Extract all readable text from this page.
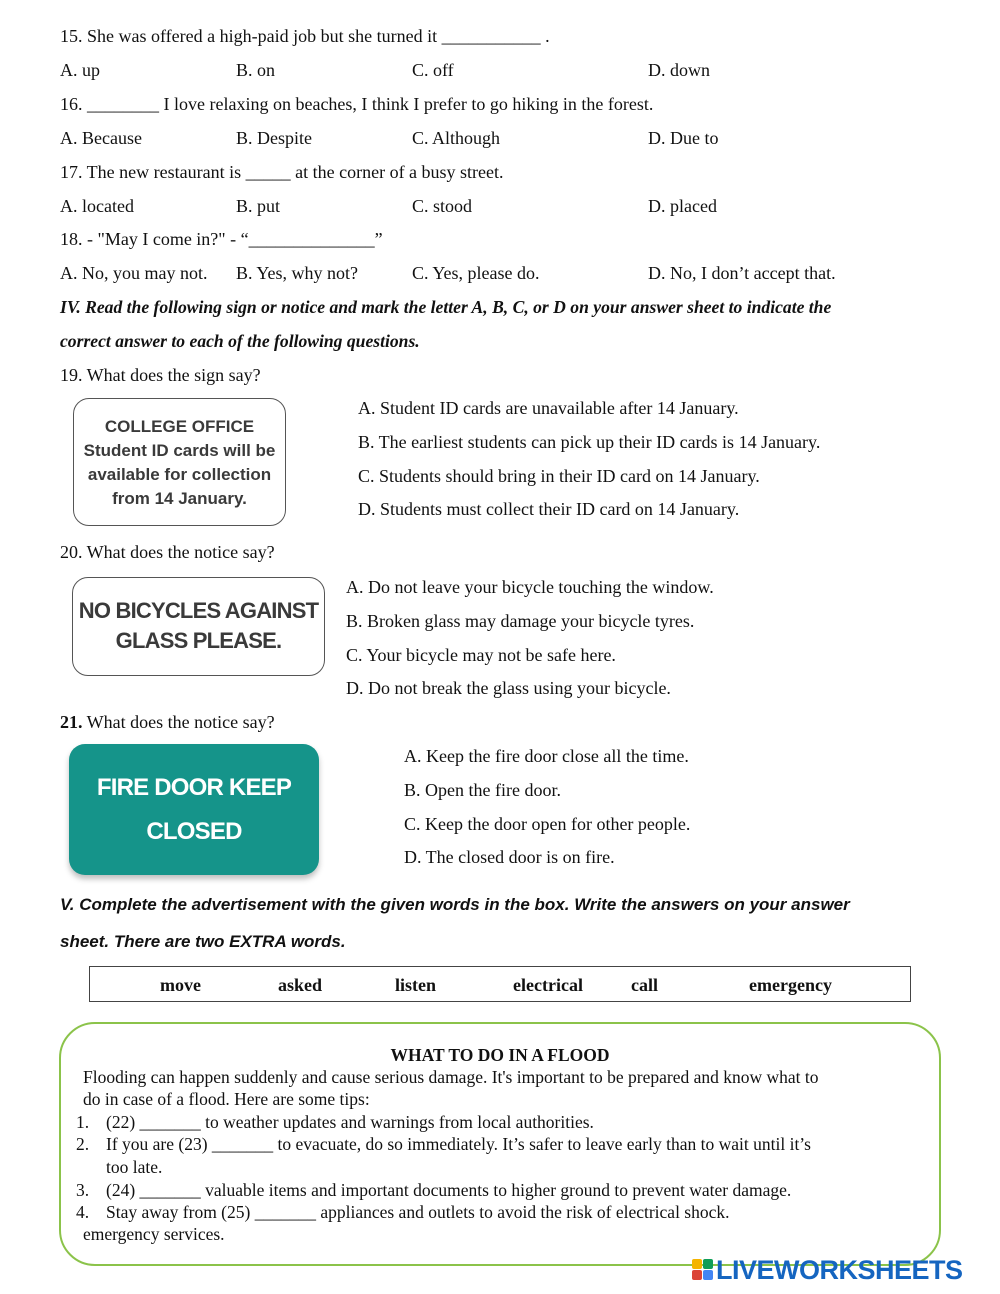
15. She was offered a high-paid job but she turned it ___________ .
A. up	B. on	C. off	D. down
16. ________ I love relaxing on beaches, I think I prefer to go hiking in the forest.
A. Because	B. Despite	C. Although	D. Due to
17. The new restaurant is _____ at the corner of a busy street.
A. located	B. put	C. stood	D. placed
18. - "May I come in?" - “______________”
A. No, you may not. B. Yes, why not?	C. Yes, please do.	D. No, I don’t accept that.
IV. Read the following sign or notice and mark the letter A, B, C, or D on your answer sheet to indicate the
correct answer to each of the following questions.
19. What does the sign say?
COLLEGE OFFICE
Student ID cards will be
available for collection
from 14 January.
A. Student ID cards are unavailable after 14 January.
B. The earliest students can pick up their ID cards is 14 January.
C. Students should bring in their ID card on 14 January.
D. Students must collect their ID card on 14 January.
20. What does the notice say?
NO BICYCLES AGAINST
GLASS PLEASE.
A. Do not leave your bicycle touching the window.
B. Broken glass may damage your bicycle tyres.
C. Your bicycle may not be safe here.
D. Do not break the glass using your bicycle.
21. What does the notice say?
FIRE DOOR KEEP
CLOSED
A. Keep the fire door close all the time.
B. Open the fire door.
C. Keep the door open for other people.
D. The closed door is on fire.
V. Complete the advertisement with the given words in the box. Write the answers on your answer
sheet. There are two EXTRA words.
move	asked	listen	electrical	call	emergency
WHAT TO DO IN A FLOOD
Flooding can happen suddenly and cause serious damage. It's important to be prepared and know what to
do in case of a flood. Here are some tips:
1. (22) _______ to weather updates and warnings from local authorities.
2. If you are (23) _______ to evacuate, do so immediately. It’s safer to leave early than to wait until it’s
too late.
3. (24) _______ valuable items and important documents to higher ground to prevent water damage.
4. Stay away from (25) _______ appliances and outlets to avoid the risk of electrical shock.
emergency services.
LIVEWORKSHEETS
